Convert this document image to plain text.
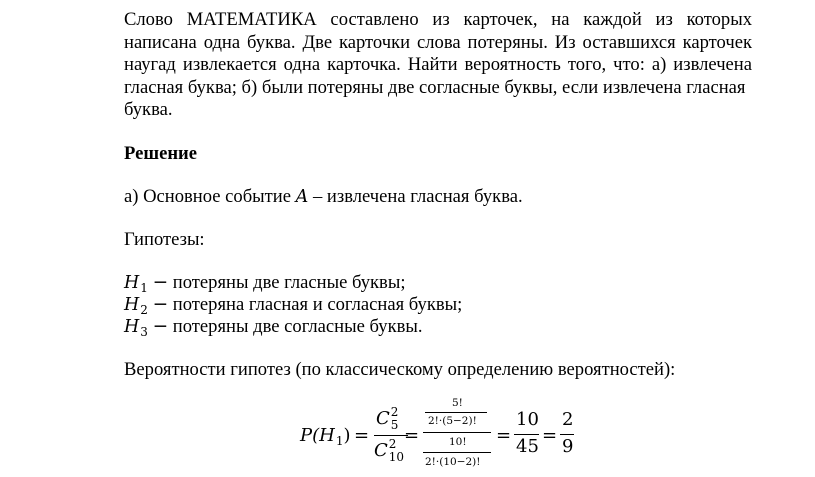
Слово МАТЕМАТИКА составлено из карточек, на каждой из которых написана одна буква. Две карточки слова потеряны. Из оставшихся карточек наугад извлекается одна карточка. Найти вероятность того, что: а) извлечена гласная буква; б) были потеряны две согласные буквы, если извлечена гласная
буква.

Решение

а) Основное событие A – извлечена гласная буква.

Гипотезы:

$H_1$ − потеряны две гласные буквы;

$H_2$ − потеряна гласная и согласная буквы;

$H_3$ − потеряны две согласные буквы.

Вероятности гипотез (по классическому определению вероятностей):

$P(H_1)$ =
C 2
5
C 2
10
=
5!
2!·(5−2)!
10!
2!·(10−2)!
=
10
45
=
2
9
